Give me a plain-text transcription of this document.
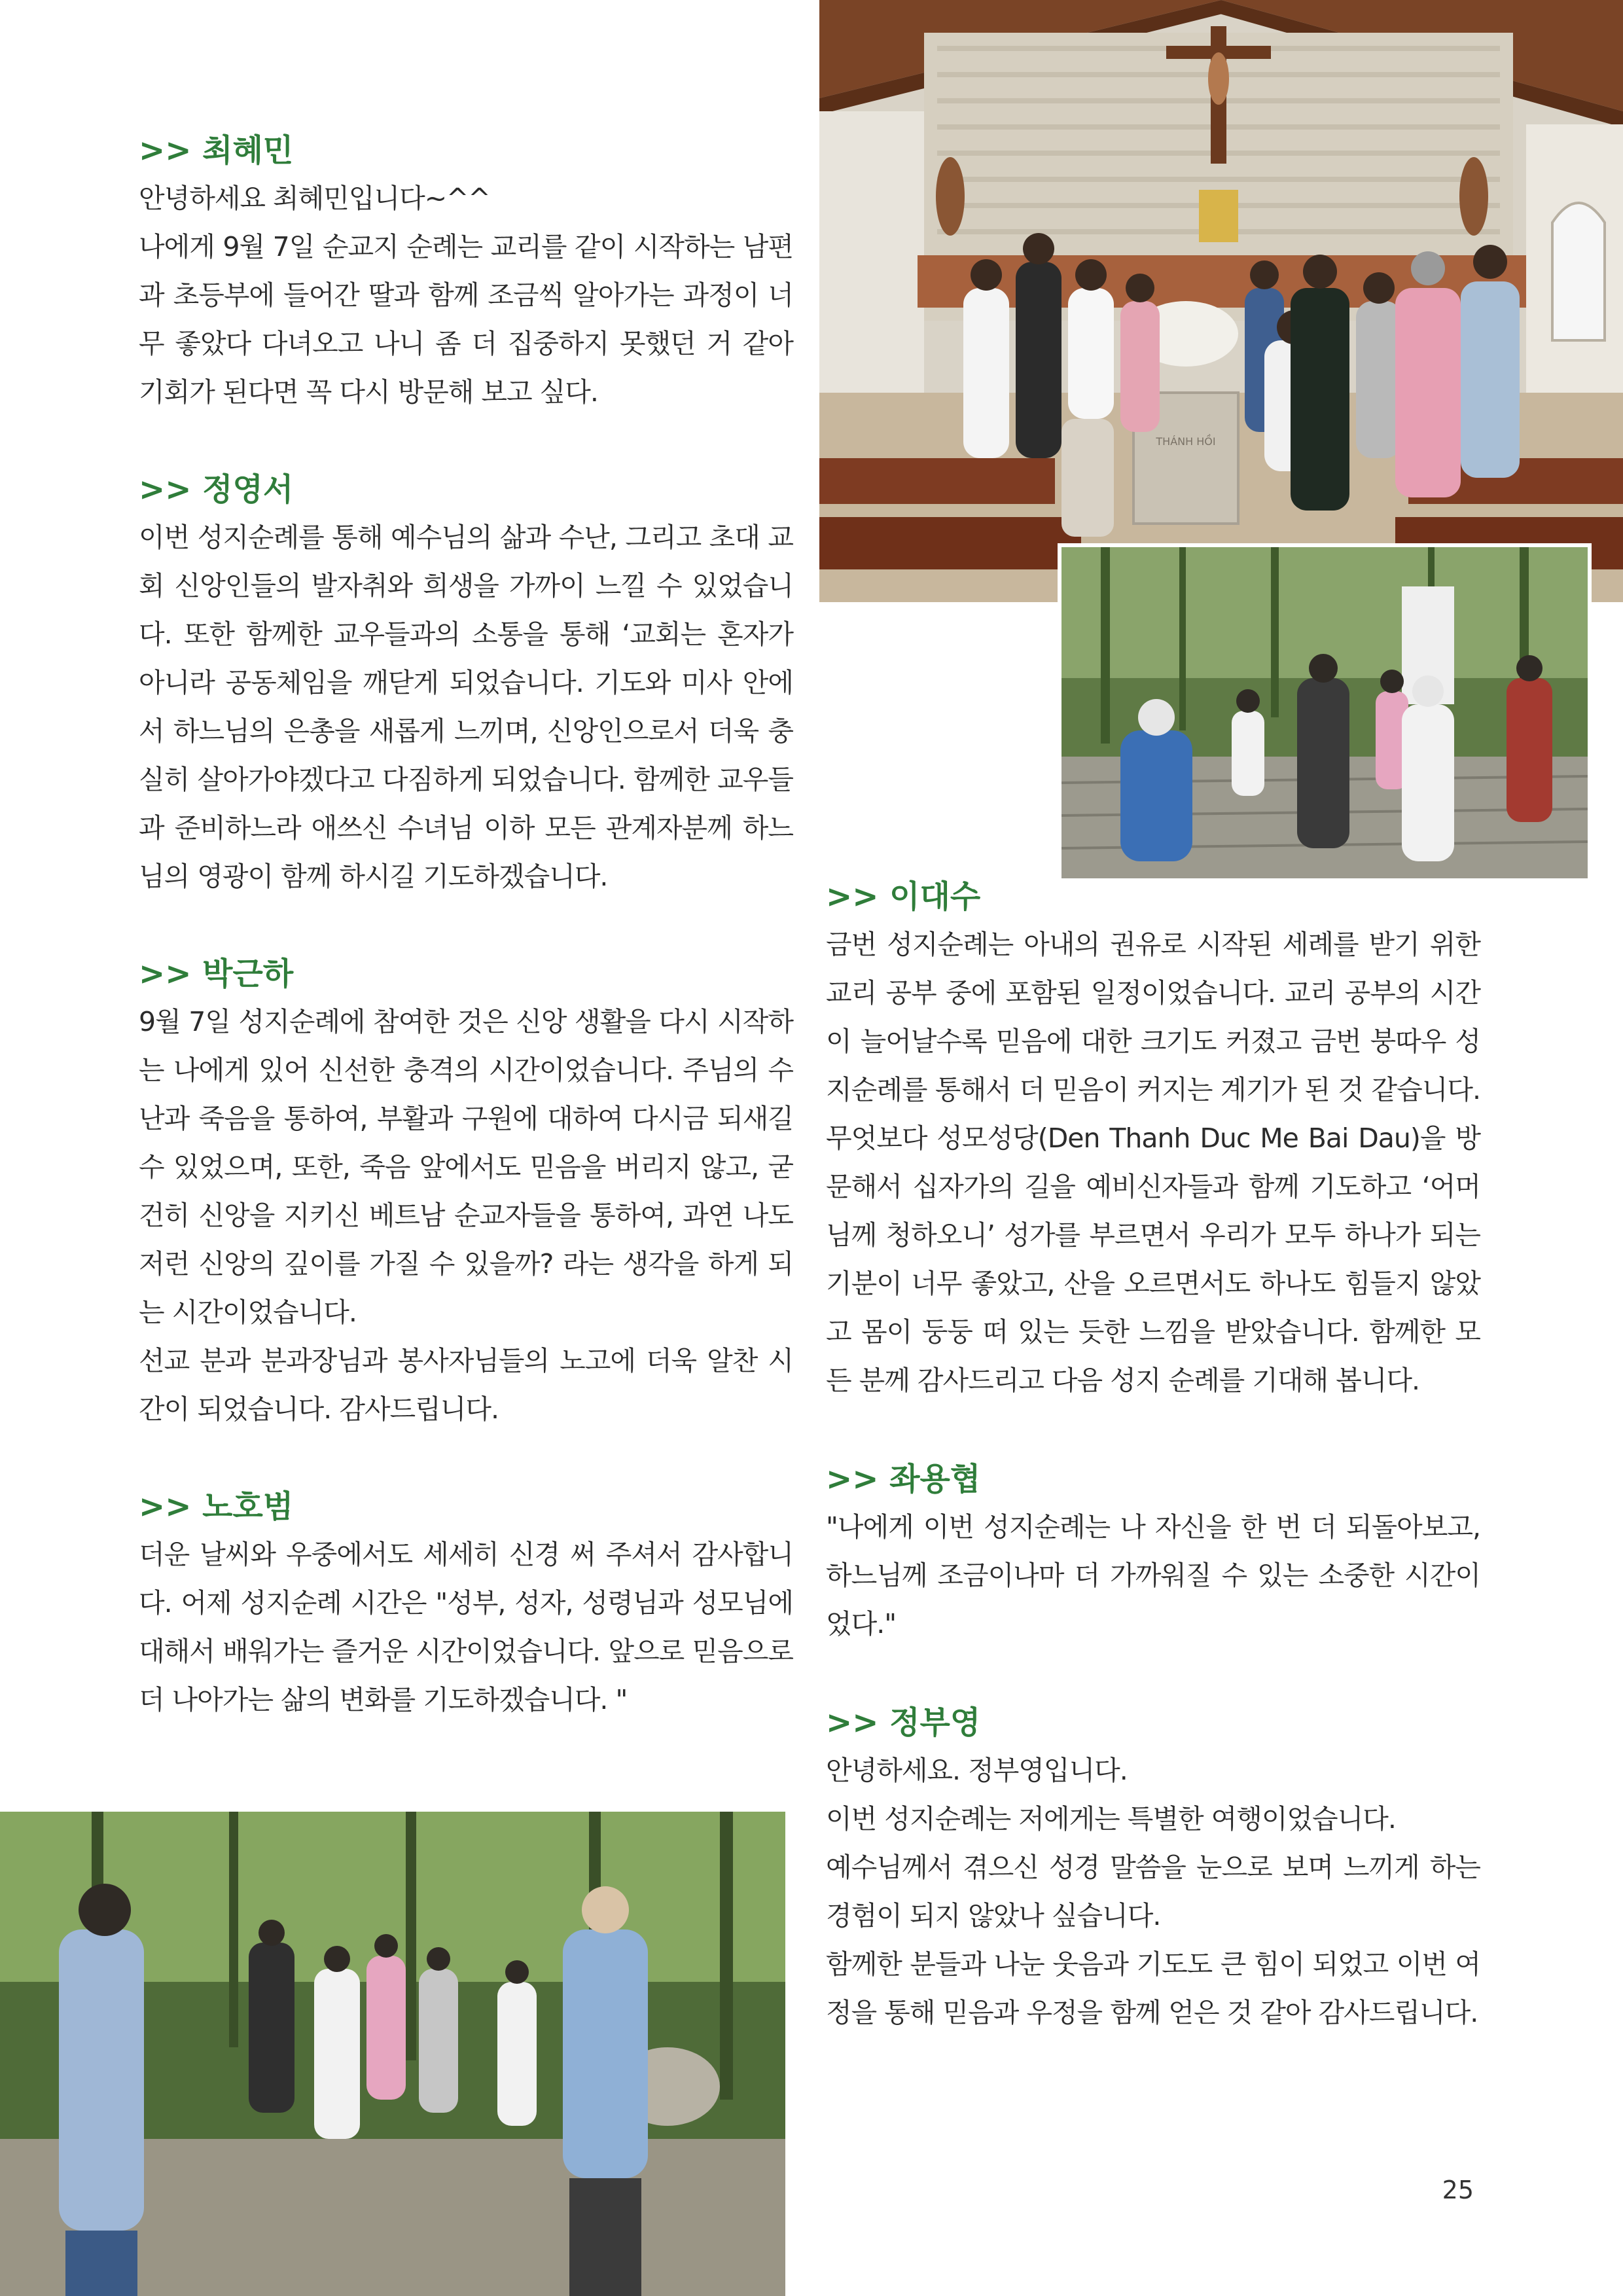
THÁNH HỒI

>> 최혜민

안녕하세요 최혜민입니다~^^

나에게 9월 7일 순교지 순례는 교리를 같이 시작하는 남편과 초등부에 들어간 딸과 함께 조금씩 알아가는 과정이 너무 좋았다 다녀오고 나니 좀 더 집중하지 못했던 거 같아 기회가 된다면 꼭 다시 방문해 보고 싶다.

>> 정영서

이번 성지순례를 통해 예수님의 삶과 수난, 그리고 초대 교회 신앙인들의 발자취와 희생을 가까이 느낄 수 있었습니다. 또한 함께한 교우들과의 소통을 통해 ‘교회는 혼자가 아니라 공동체임을 깨닫게 되었습니다. 기도와 미사 안에서 하느님의 은총을 새롭게 느끼며, 신앙인으로서 더욱 충실히 살아가야겠다고 다짐하게 되었습니다. 함께한 교우들과 준비하느라 애쓰신 수녀님 이하 모든 관계자분께 하느님의 영광이 함께 하시길 기도하겠습니다.

>> 박근하

9월 7일 성지순례에 참여한 것은 신앙 생활을 다시 시작하는 나에게 있어 신선한 충격의 시간이었습니다. 주님의 수난과 죽음을 통하여, 부활과 구원에 대하여 다시금 되새길 수 있었으며, 또한, 죽음 앞에서도 믿음을 버리지 않고, 굳건히 신앙을 지키신 베트남 순교자들을 통하여, 과연 나도 저런 신앙의 깊이를 가질 수 있을까? 라는 생각을 하게 되는 시간이었습니다.

선교 분과 분과장님과 봉사자님들의 노고에 더욱 알찬 시간이 되었습니다. 감사드립니다.

>> 노호범

더운 날씨와 우중에서도 세세히 신경 써 주셔서 감사합니다. 어제 성지순례 시간은 "성부, 성자, 성령님과 성모님에 대해서 배워가는 즐거운 시간이었습니다. 앞으로 믿음으로 더 나아가는 삶의 변화를 기도하겠습니다. "

>> 이대수

금번 성지순례는 아내의 권유로 시작된 세례를 받기 위한 교리 공부 중에 포함된 일정이었습니다. 교리 공부의 시간이 늘어날수록 믿음에 대한 크기도 커졌고 금번 붕따우 성지순례를 통해서 더 믿음이 커지는 계기가 된 것 같습니다. 무엇보다 성모성당(Den Thanh Duc Me Bai Dau)을 방문해서 십자가의 길을 예비신자들과 함께 기도하고 ‘어머님께 청하오니’ 성가를 부르면서 우리가 모두 하나가 되는 기분이 너무 좋았고, 산을 오르면서도 하나도 힘들지 않았고 몸이 둥둥 떠 있는 듯한 느낌을 받았습니다. 함께한 모든 분께 감사드리고 다음 성지 순례를 기대해 봅니다.

>> 좌용협

"나에게 이번 성지순례는 나 자신을 한 번 더 되돌아보고, 하느님께 조금이나마 더 가까워질 수 있는 소중한 시간이었다."

>> 정부영

안녕하세요. 정부영입니다.

이번 성지순례는 저에게는 특별한 여행이었습니다.

예수님께서 겪으신 성경 말씀을 눈으로 보며 느끼게 하는 경험이 되지 않았나 싶습니다.

함께한 분들과 나눈 웃음과 기도도 큰 힘이 되었고 이번 여정을 통해 믿음과 우정을 함께 얻은 것 같아 감사드립니다.

25
